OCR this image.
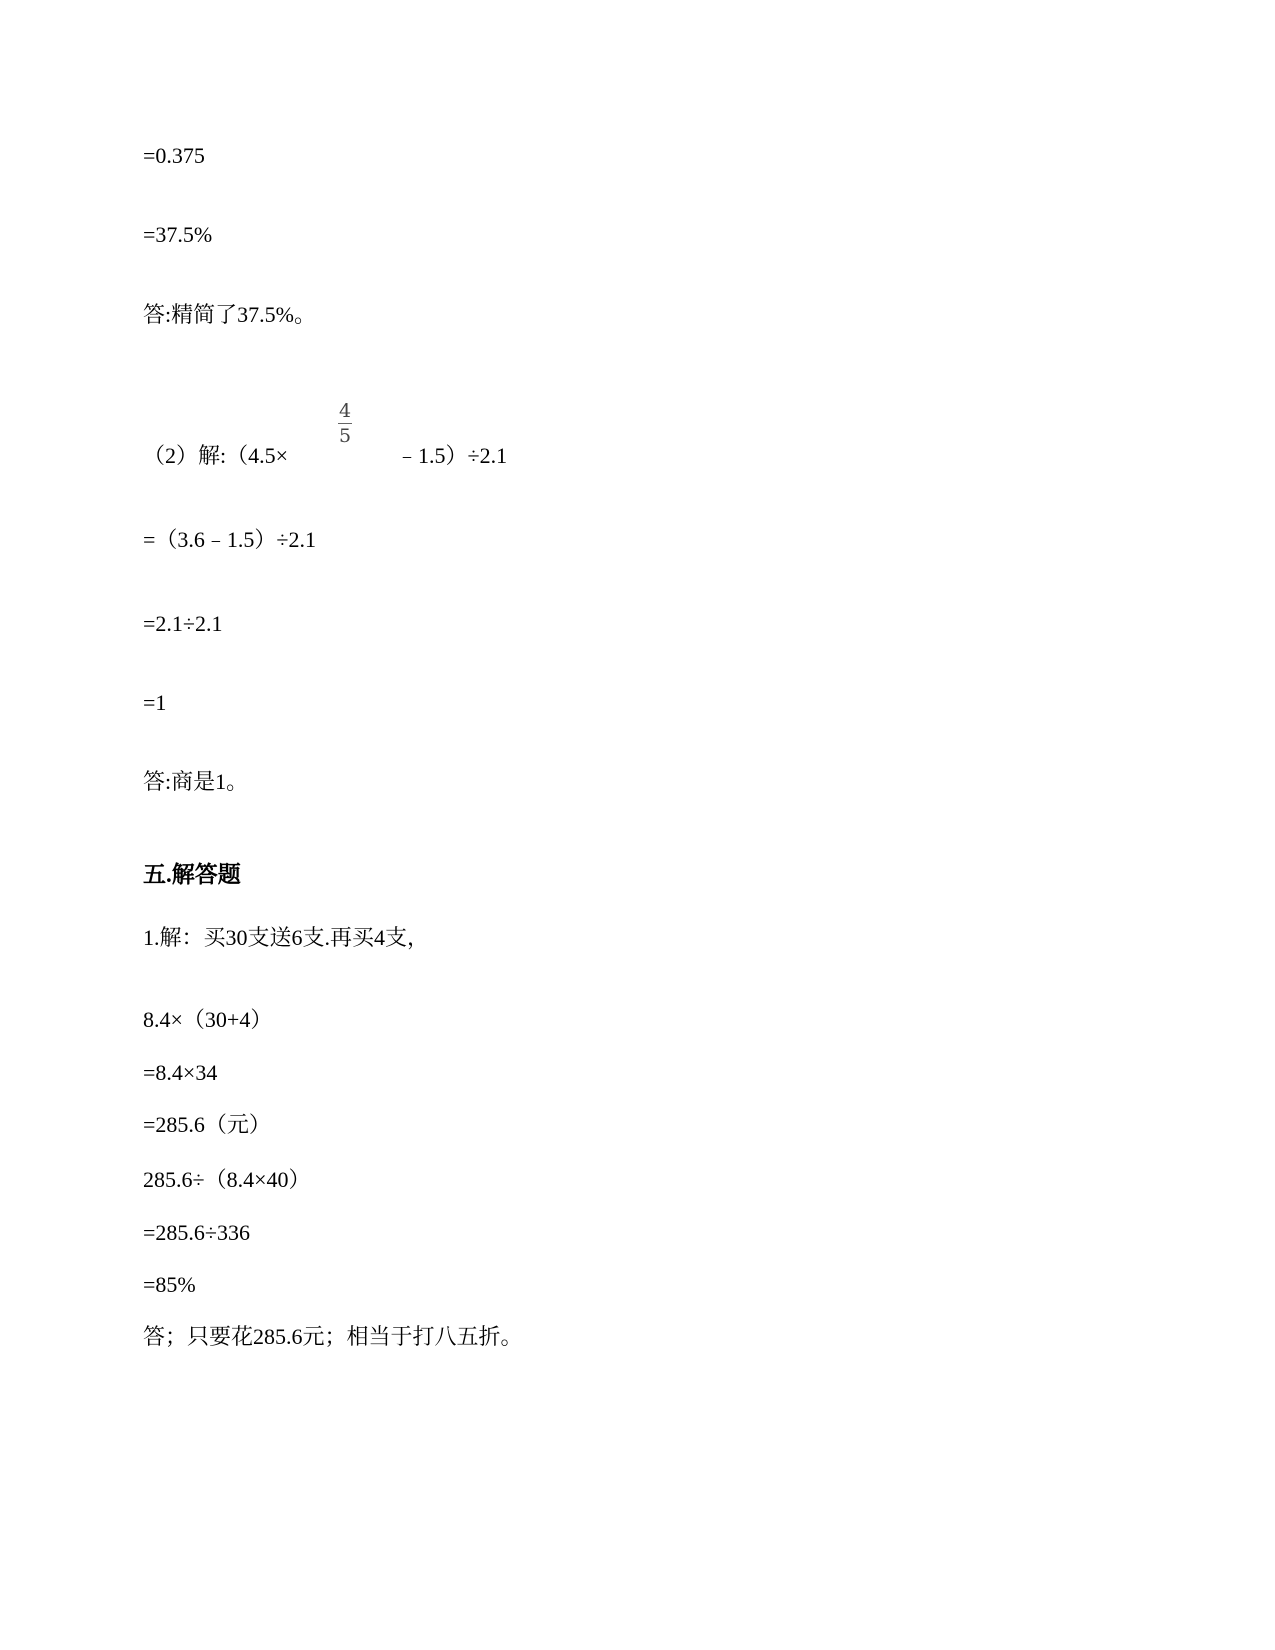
=0.375
=37.5%
答:精简了37.5%。
（2）解:（4.5×
4
5
﹣1.5）÷2.1
=（3.6﹣1.5）÷2.1
=2.1÷2.1
=1
答:商是1。
五.解答题
1.解：买30支送6支.再买4支，
8.4×（30+4）
=8.4×34
=285.6（元）
285.6÷（8.4×40）
=285.6÷336
=85%
答；只要花285.6元；相当于打八五折。
